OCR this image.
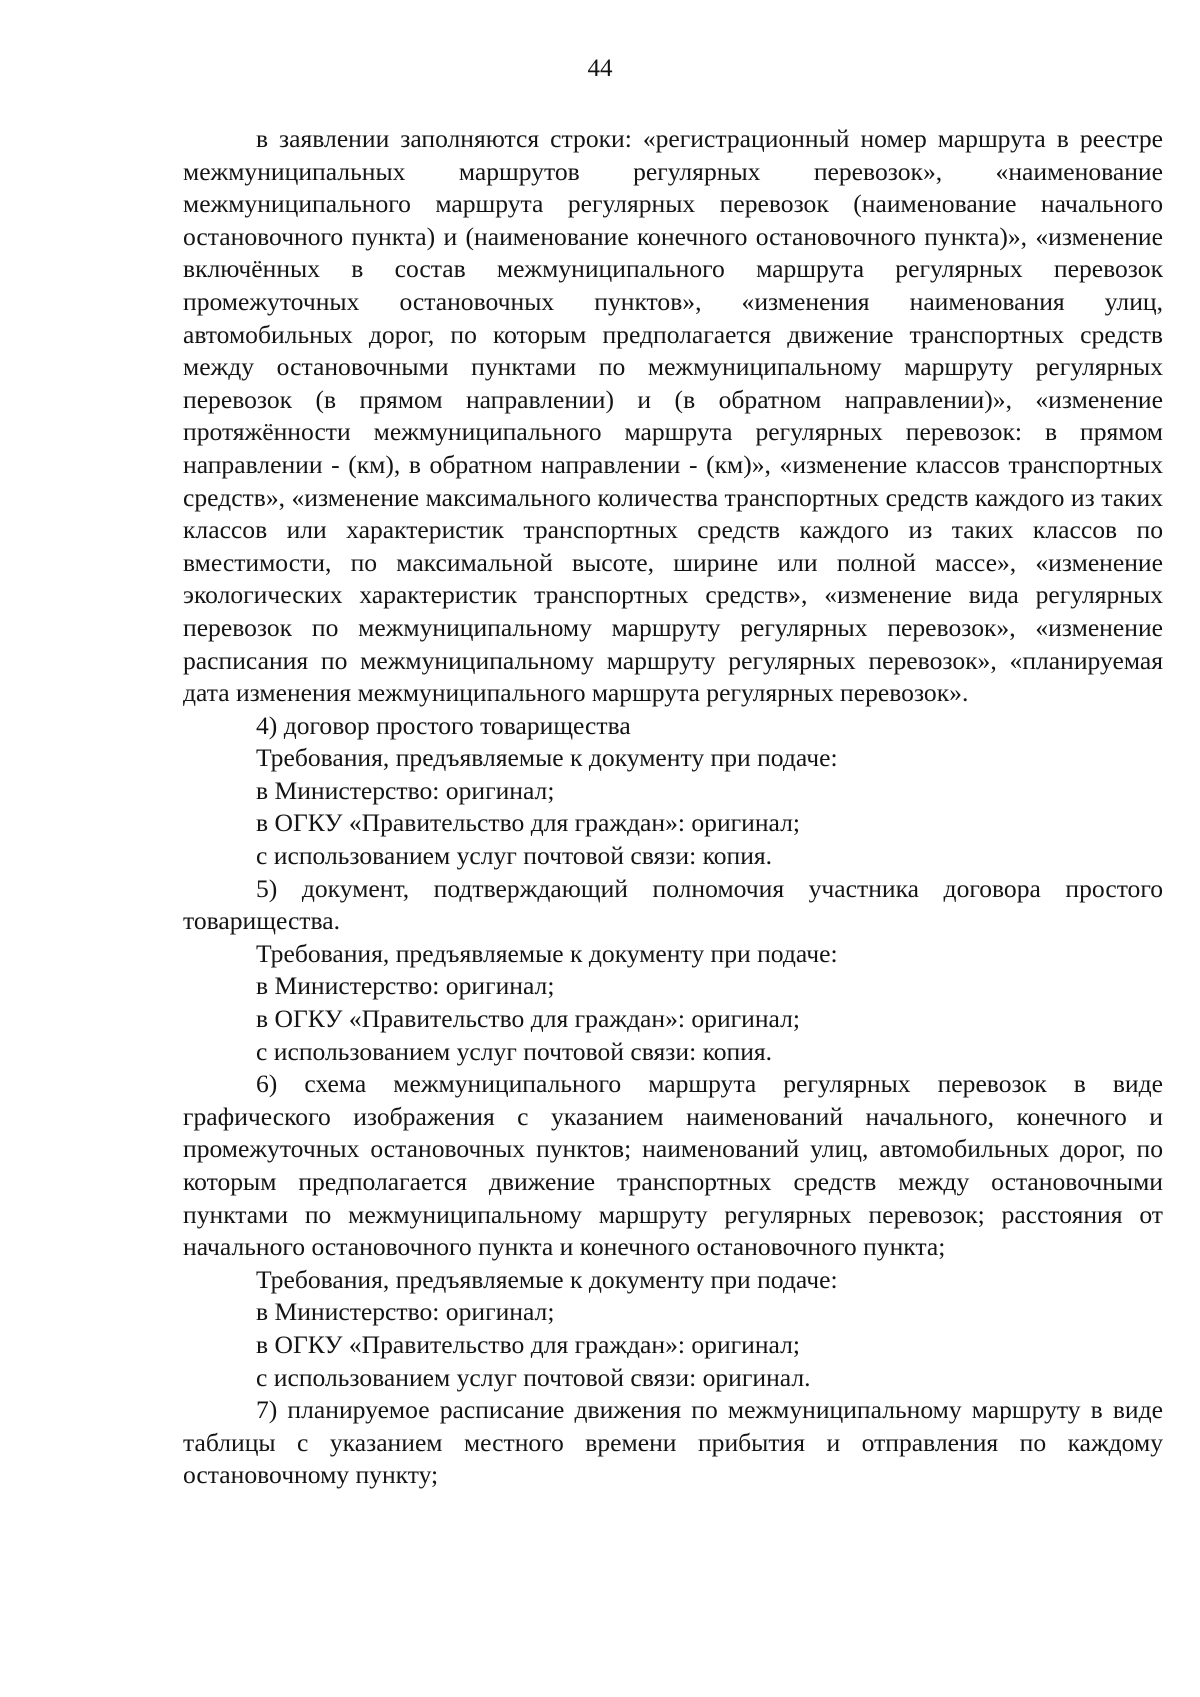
44

в заявлении заполняются строки: «регистрационный номер маршрута в реестре межмуниципальных маршрутов регулярных перевозок», «наименование межмуниципального маршрута регулярных перевозок (наименование начального остановочного пункта) и (наименование конечного остановочного пункта)», «изменение включённых в состав межмуниципального маршрута регулярных перевозок промежуточных остановочных пунктов», «изменения наименования улиц, автомобильных дорог, по которым предполагается движение транспортных средств между остановочными пунктами по межмуниципальному маршруту регулярных перевозок (в прямом направлении) и (в обратном направлении)», «изменение протяжённости межмуниципального маршрута регулярных перевозок: в прямом направлении - (км), в обратном направлении - (км)», «изменение классов транспортных средств», «изменение максимального количества транспортных средств каждого из таких классов или характеристик транспортных средств каждого из таких классов по вместимости, по максимальной высоте, ширине или полной массе», «изменение экологических характеристик транспортных средств», «изменение вида регулярных перевозок по межмуниципальному маршруту регулярных перевозок», «изменение расписания по межмуниципальному маршруту регулярных перевозок», «планируемая дата изменения межмуниципального маршрута регулярных перевозок».

4) договор простого товарищества

Требования, предъявляемые к документу при подаче:

в Министерство: оригинал;

в ОГКУ «Правительство для граждан»: оригинал;

с использованием услуг почтовой связи: копия.

5) документ, подтверждающий полномочия участника договора простого товарищества.

Требования, предъявляемые к документу при подаче:

в Министерство: оригинал;

в ОГКУ «Правительство для граждан»: оригинал;

с использованием услуг почтовой связи: копия.

6) схема межмуниципального маршрута регулярных перевозок в виде графического изображения с указанием наименований начального, конечного и промежуточных остановочных пунктов; наименований улиц, автомобильных дорог, по которым предполагается движение транспортных средств между остановочными пунктами по межмуниципальному маршруту регулярных перевозок; расстояния от начального остановочного пункта и конечного остановочного пункта;

Требования, предъявляемые к документу при подаче:

в Министерство: оригинал;

в ОГКУ «Правительство для граждан»: оригинал;

с использованием услуг почтовой связи: оригинал.

7) планируемое расписание движения по межмуниципальному маршруту в виде таблицы с указанием местного времени прибытия и отправления по каждому остановочному пункту;
